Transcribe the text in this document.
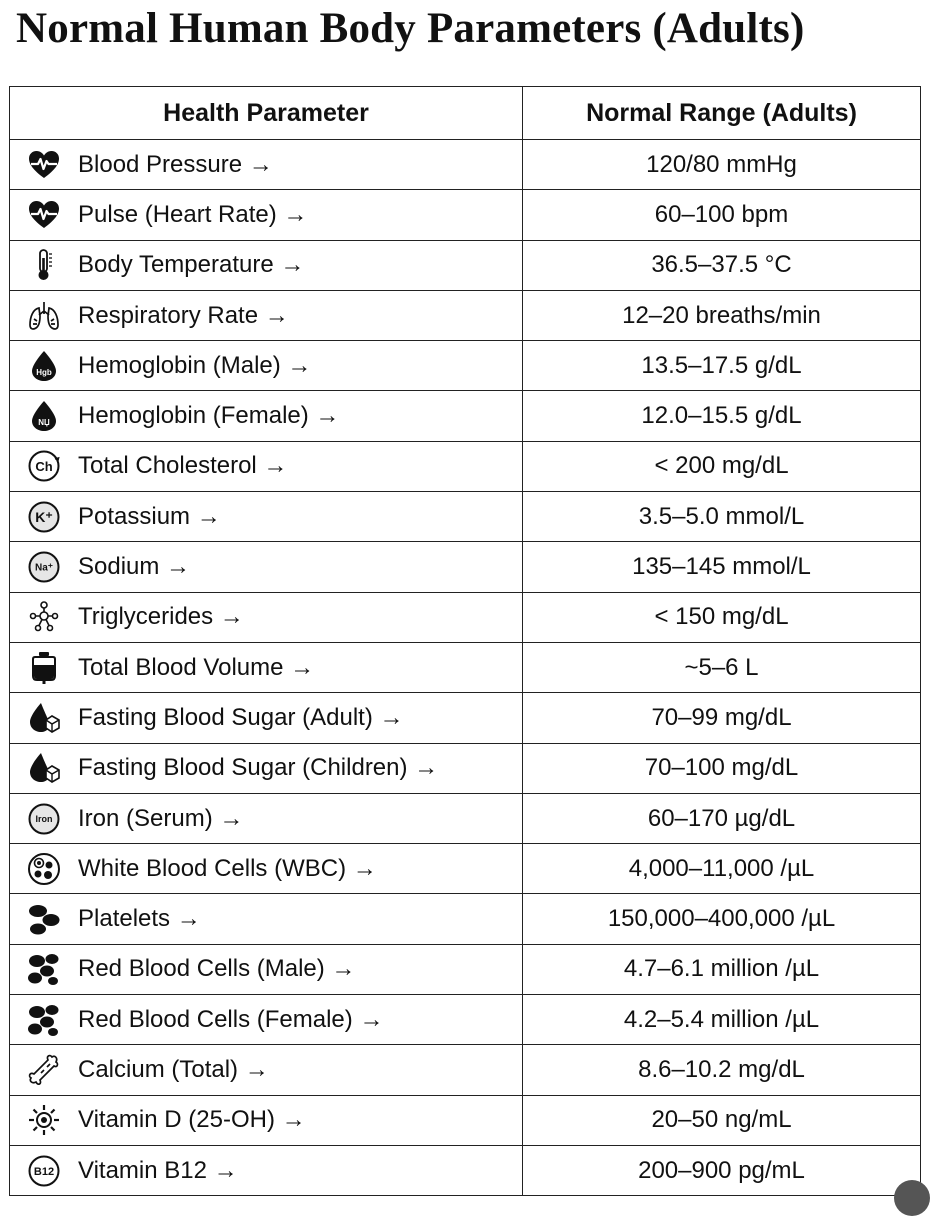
Normal Human Body Parameters (Adults)
Health Parameter	Normal Range (Adults)

Blood Pressure →	120/80 mmHg

Pulse (Heart Rate) →	60–100 bpm

Body Temperature →	36.5–37.5 °C

Respiratory Rate →	12–20 breaths/min

Hgb Hemoglobin (Male) →	13.5–17.5 g/dL

NЏ Hemoglobin (Female) →	12.0–15.5 g/dL

Ch Total Cholesterol →	< 200 mg/dL

K⁺ Potassium →	3.5–5.0 mmol/L

Na⁺ Sodium →	135–145 mmol/L

Triglycerides →	< 150 mg/dL

Total Blood Volume →	~5–6 L

Fasting Blood Sugar (Adult) →	70–99 mg/dL

Fasting Blood Sugar (Children) →	70–100 mg/dL

Iron Iron (Serum) →	60–170 µg/dL

White Blood Cells (WBC) →	4,000–11,000 /µL

Platelets →	150,000–400,000 /µL

Red Blood Cells (Male) →	4.7–6.1 million /µL

Red Blood Cells (Female) →	4.2–5.4 million /µL

Calcium (Total) →	8.6–10.2 mg/dL

Vitamin D (25-OH) →	20–50 ng/mL

B12 Vitamin B12 →	200–900 pg/mL
